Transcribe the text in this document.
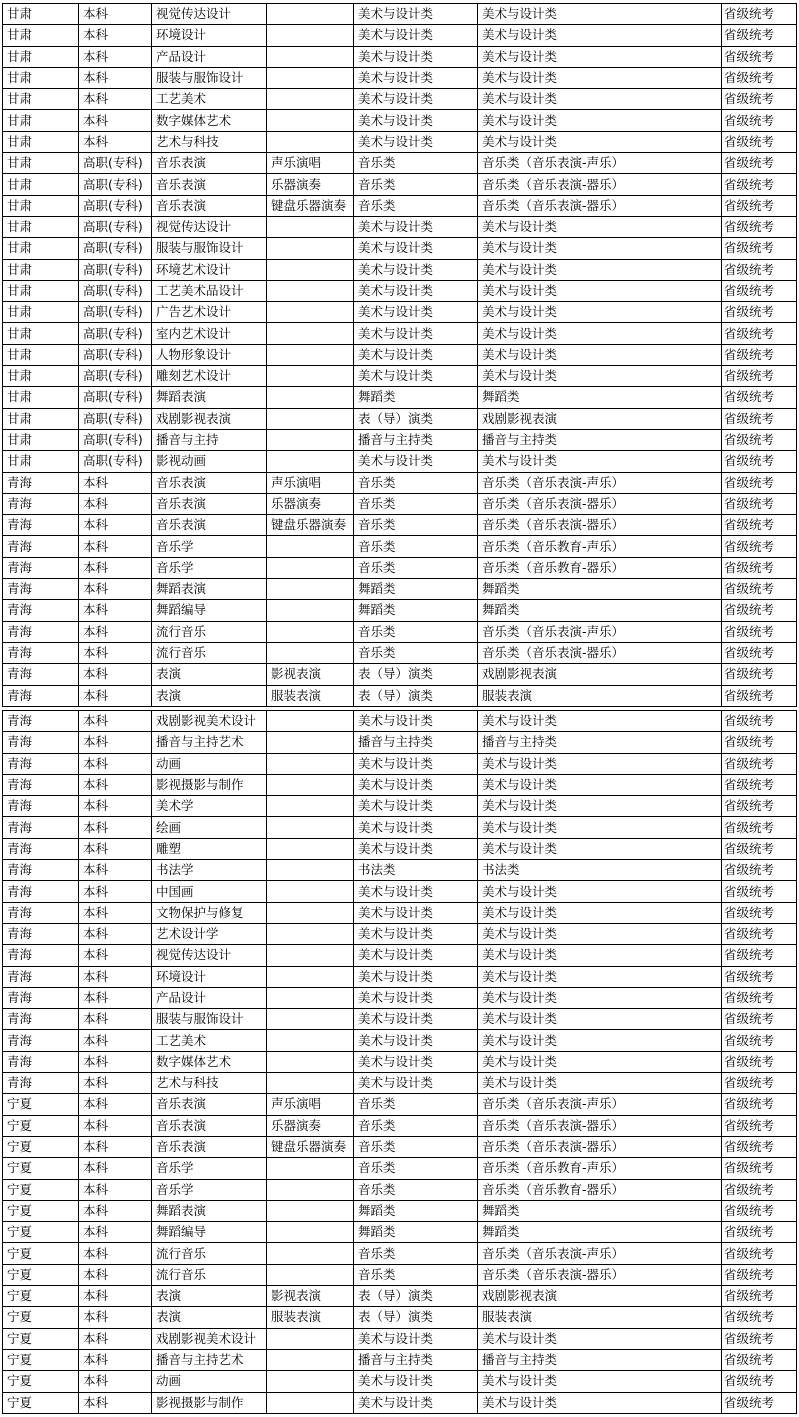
甘肃	本科	视觉传达设计		美术与设计类	美术与设计类	省级统考
甘肃	本科	环境设计		美术与设计类	美术与设计类	省级统考
甘肃	本科	产品设计		美术与设计类	美术与设计类	省级统考
甘肃	本科	服装与服饰设计		美术与设计类	美术与设计类	省级统考
甘肃	本科	工艺美术		美术与设计类	美术与设计类	省级统考
甘肃	本科	数字媒体艺术		美术与设计类	美术与设计类	省级统考
甘肃	本科	艺术与科技		美术与设计类	美术与设计类	省级统考
甘肃	高职(专科)	音乐表演	声乐演唱	音乐类	音乐类（音乐表演-声乐）	省级统考
甘肃	高职(专科)	音乐表演	乐器演奏	音乐类	音乐类（音乐表演-器乐）	省级统考
甘肃	高职(专科)	音乐表演	键盘乐器演奏	音乐类	音乐类（音乐表演-器乐）	省级统考
甘肃	高职(专科)	视觉传达设计		美术与设计类	美术与设计类	省级统考
甘肃	高职(专科)	服装与服饰设计		美术与设计类	美术与设计类	省级统考
甘肃	高职(专科)	环境艺术设计		美术与设计类	美术与设计类	省级统考
甘肃	高职(专科)	工艺美术品设计		美术与设计类	美术与设计类	省级统考
甘肃	高职(专科)	广告艺术设计		美术与设计类	美术与设计类	省级统考
甘肃	高职(专科)	室内艺术设计		美术与设计类	美术与设计类	省级统考
甘肃	高职(专科)	人物形象设计		美术与设计类	美术与设计类	省级统考
甘肃	高职(专科)	雕刻艺术设计		美术与设计类	美术与设计类	省级统考
甘肃	高职(专科)	舞蹈表演		舞蹈类	舞蹈类	省级统考
甘肃	高职(专科)	戏剧影视表演		表（导）演类	戏剧影视表演	省级统考
甘肃	高职(专科)	播音与主持		播音与主持类	播音与主持类	省级统考
甘肃	高职(专科)	影视动画		美术与设计类	美术与设计类	省级统考
青海	本科	音乐表演	声乐演唱	音乐类	音乐类（音乐表演-声乐）	省级统考
青海	本科	音乐表演	乐器演奏	音乐类	音乐类（音乐表演-器乐）	省级统考
青海	本科	音乐表演	键盘乐器演奏	音乐类	音乐类（音乐表演-器乐）	省级统考
青海	本科	音乐学		音乐类	音乐类（音乐教育-声乐）	省级统考
青海	本科	音乐学		音乐类	音乐类（音乐教育-器乐）	省级统考
青海	本科	舞蹈表演		舞蹈类	舞蹈类	省级统考
青海	本科	舞蹈编导		舞蹈类	舞蹈类	省级统考
青海	本科	流行音乐		音乐类	音乐类（音乐表演-声乐）	省级统考
青海	本科	流行音乐		音乐类	音乐类（音乐表演-器乐）	省级统考
青海	本科	表演	影视表演	表（导）演类	戏剧影视表演	省级统考
青海	本科	表演	服装表演	表（导）演类	服装表演	省级统考
青海	本科	戏剧影视美术设计		美术与设计类	美术与设计类	省级统考
青海	本科	播音与主持艺术		播音与主持类	播音与主持类	省级统考
青海	本科	动画		美术与设计类	美术与设计类	省级统考
青海	本科	影视摄影与制作		美术与设计类	美术与设计类	省级统考
青海	本科	美术学		美术与设计类	美术与设计类	省级统考
青海	本科	绘画		美术与设计类	美术与设计类	省级统考
青海	本科	雕塑		美术与设计类	美术与设计类	省级统考
青海	本科	书法学		书法类	书法类	省级统考
青海	本科	中国画		美术与设计类	美术与设计类	省级统考
青海	本科	文物保护与修复		美术与设计类	美术与设计类	省级统考
青海	本科	艺术设计学		美术与设计类	美术与设计类	省级统考
青海	本科	视觉传达设计		美术与设计类	美术与设计类	省级统考
青海	本科	环境设计		美术与设计类	美术与设计类	省级统考
青海	本科	产品设计		美术与设计类	美术与设计类	省级统考
青海	本科	服装与服饰设计		美术与设计类	美术与设计类	省级统考
青海	本科	工艺美术		美术与设计类	美术与设计类	省级统考
青海	本科	数字媒体艺术		美术与设计类	美术与设计类	省级统考
青海	本科	艺术与科技		美术与设计类	美术与设计类	省级统考
宁夏	本科	音乐表演	声乐演唱	音乐类	音乐类（音乐表演-声乐）	省级统考
宁夏	本科	音乐表演	乐器演奏	音乐类	音乐类（音乐表演-器乐）	省级统考
宁夏	本科	音乐表演	键盘乐器演奏	音乐类	音乐类（音乐表演-器乐）	省级统考
宁夏	本科	音乐学		音乐类	音乐类（音乐教育-声乐）	省级统考
宁夏	本科	音乐学		音乐类	音乐类（音乐教育-器乐）	省级统考
宁夏	本科	舞蹈表演		舞蹈类	舞蹈类	省级统考
宁夏	本科	舞蹈编导		舞蹈类	舞蹈类	省级统考
宁夏	本科	流行音乐		音乐类	音乐类（音乐表演-声乐）	省级统考
宁夏	本科	流行音乐		音乐类	音乐类（音乐表演-器乐）	省级统考
宁夏	本科	表演	影视表演	表（导）演类	戏剧影视表演	省级统考
宁夏	本科	表演	服装表演	表（导）演类	服装表演	省级统考
宁夏	本科	戏剧影视美术设计		美术与设计类	美术与设计类	省级统考
宁夏	本科	播音与主持艺术		播音与主持类	播音与主持类	省级统考
宁夏	本科	动画		美术与设计类	美术与设计类	省级统考
宁夏	本科	影视摄影与制作		美术与设计类	美术与设计类	省级统考
